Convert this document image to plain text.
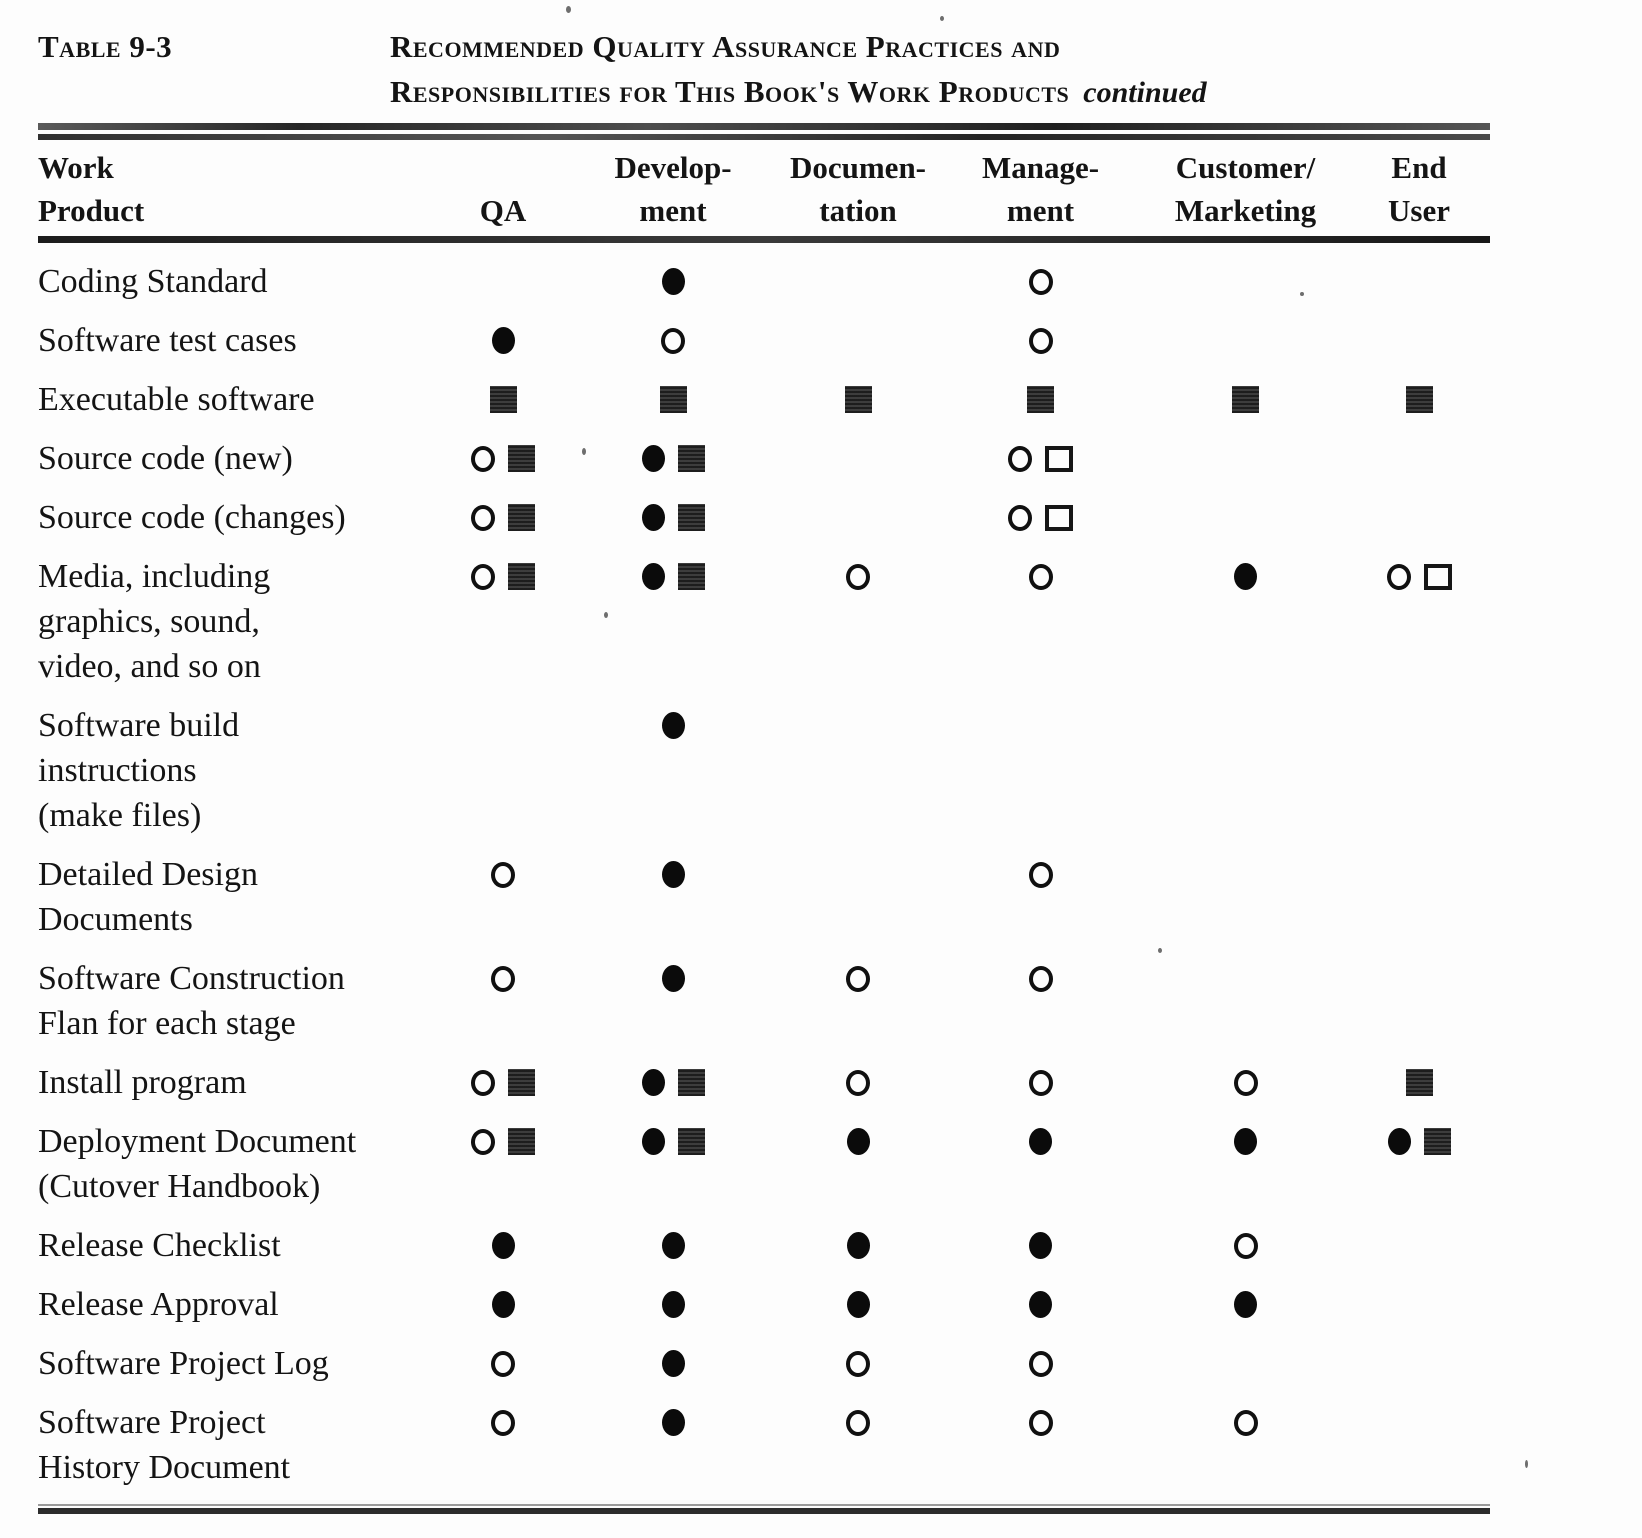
Table 9-3	Recommended Quality Assurance Practices and
Responsibilities for This Book's Work Products continued
Work
Product	QA
Develop-
ment
Documen-
tation
Manage-
ment
Customer/
Marketing
End
User
Coding Standard
Software test cases
Executable software
Source code (new)
Source code (changes)
Media, including
graphics, sound,
video, and so on
Software build
instructions
(make files)
Detailed Design
Documents
Software Construction
Flan for each stage
Install program
Deployment Document
(Cutover Handbook)
Release Checklist
Release Approval
Software Project Log
Software Project
History Document
